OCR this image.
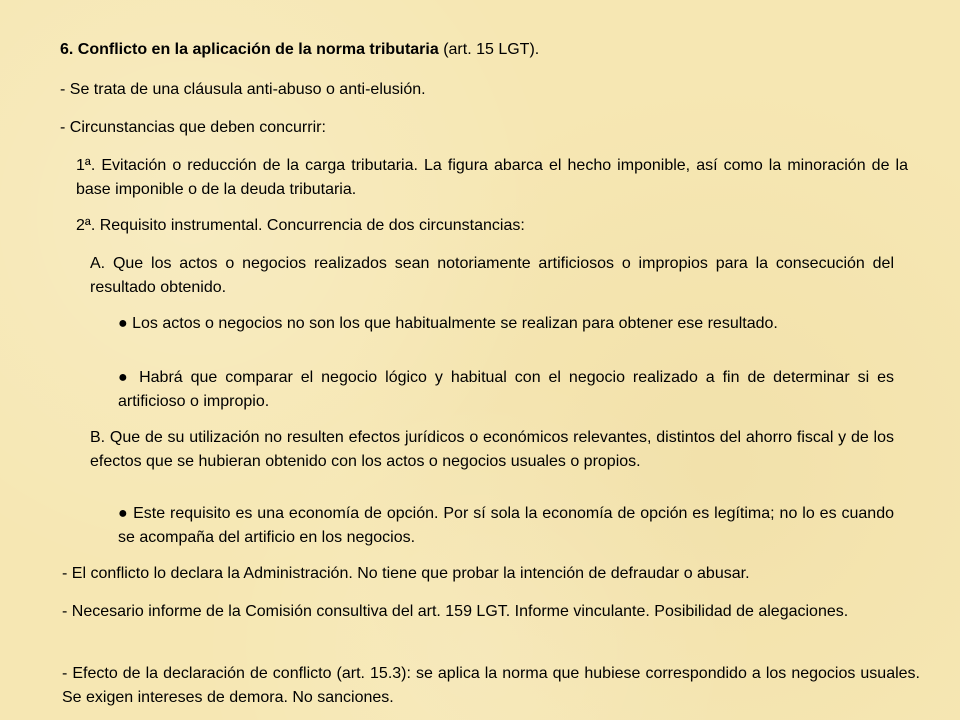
6. Conflicto en la aplicación de la norma tributaria (art. 15 LGT).

- Se trata de una cláusula anti-abuso o anti-elusión.

- Circunstancias que deben concurrir:

1ª. Evitación o reducción de la carga tributaria. La figura abarca el hecho imponible, así como la minoración de la base imponible o de la deuda tributaria.

2ª. Requisito instrumental. Concurrencia de dos circunstancias:

A. Que los actos o negocios realizados sean notoriamente artificiosos o impropios para la consecución del resultado obtenido.

● Los actos o negocios no son los que habitualmente se realizan para obtener ese resultado.

● Habrá que comparar el negocio lógico y habitual con el negocio realizado a fin de determinar si es artificioso o impropio.

B. Que de su utilización no resulten efectos jurídicos o económicos relevantes, distintos del ahorro fiscal y de los efectos que se hubieran obtenido con los actos o negocios usuales o propios.

● Este requisito es una economía de opción. Por sí sola la economía de opción es legítima; no lo es cuando se acompaña del artificio en los negocios.

- El conflicto lo declara la Administración. No tiene que probar la intención de defraudar o abusar.

- Necesario informe de la Comisión consultiva del art. 159 LGT. Informe vinculante. Posibilidad de alegaciones.

- Efecto de la declaración de conflicto (art. 15.3): se aplica la norma que hubiese correspondido a los negocios usuales. Se exigen intereses de demora. No sanciones.
